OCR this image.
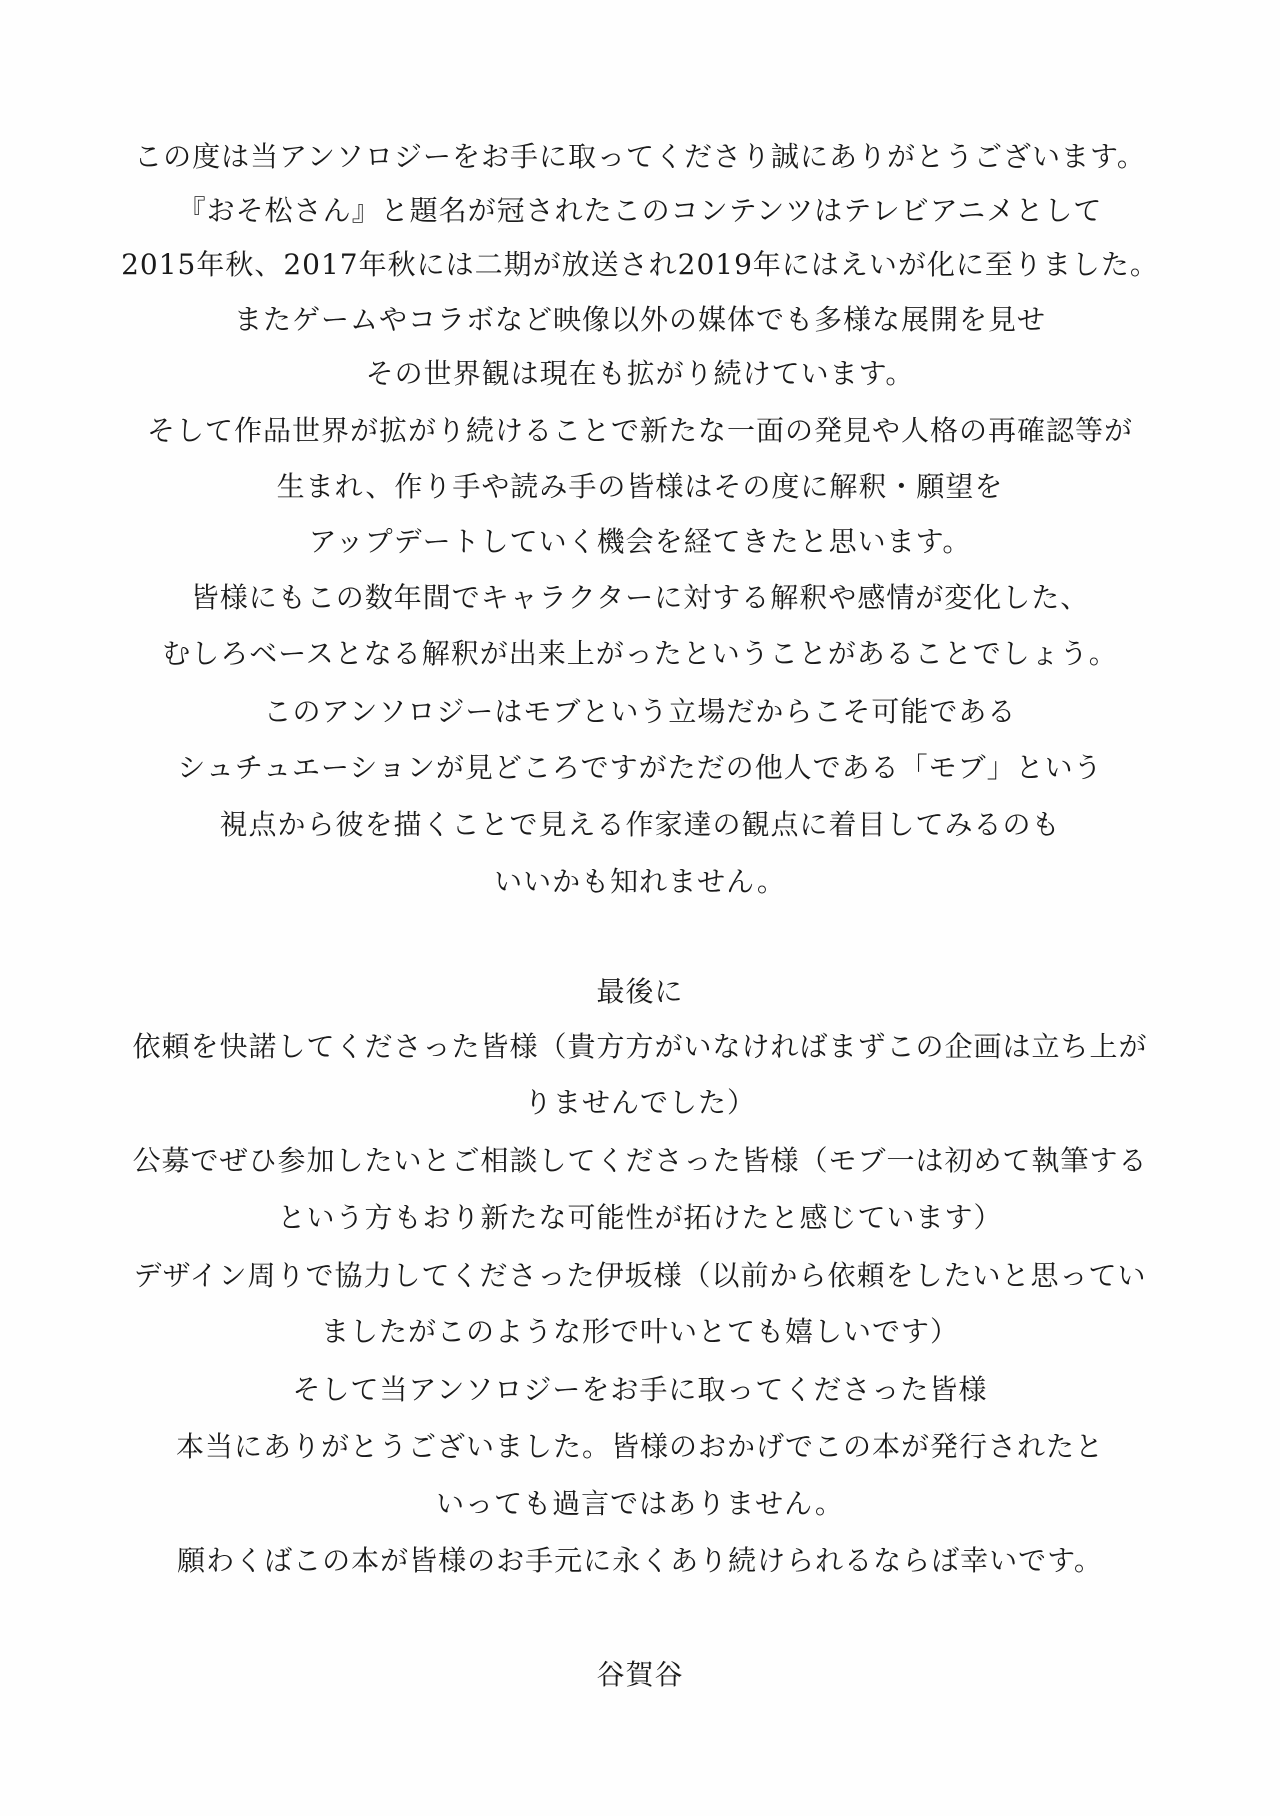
この度は当アンソロジーをお手に取ってくださり誠にありがとうございます。
『おそ松さん』と題名が冠されたこのコンテンツはテレビアニメとして
2015年秋、2017年秋には二期が放送され2019年にはえいが化に至りました。
またゲームやコラボなど映像以外の媒体でも多様な展開を見せ
その世界観は現在も拡がり続けています。
そして作品世界が拡がり続けることで新たな一面の発見や人格の再確認等が
生まれ、作り手や読み手の皆様はその度に解釈・願望を
アップデートしていく機会を経てきたと思います。
皆様にもこの数年間でキャラクターに対する解釈や感情が変化した、
むしろベースとなる解釈が出来上がったということがあることでしょう。
このアンソロジーはモブという立場だからこそ可能である
シュチュエーションが見どころですがただの他人である「モブ」という
視点から彼を描くことで見える作家達の観点に着目してみるのも
いいかも知れません。
最後に
依頼を快諾してくださった皆様（貴方方がいなければまずこの企画は立ち上が
りませんでした）
公募でぜひ参加したいとご相談してくださった皆様（モブ一は初めて執筆する
という方もおり新たな可能性が拓けたと感じています）
デザイン周りで協力してくださった伊坂様（以前から依頼をしたいと思ってい
ましたがこのような形で叶いとても嬉しいです）
そして当アンソロジーをお手に取ってくださった皆様
本当にありがとうございました。皆様のおかげでこの本が発行されたと
いっても過言ではありません。
願わくばこの本が皆様のお手元に永くあり続けられるならば幸いです。
谷賀谷
